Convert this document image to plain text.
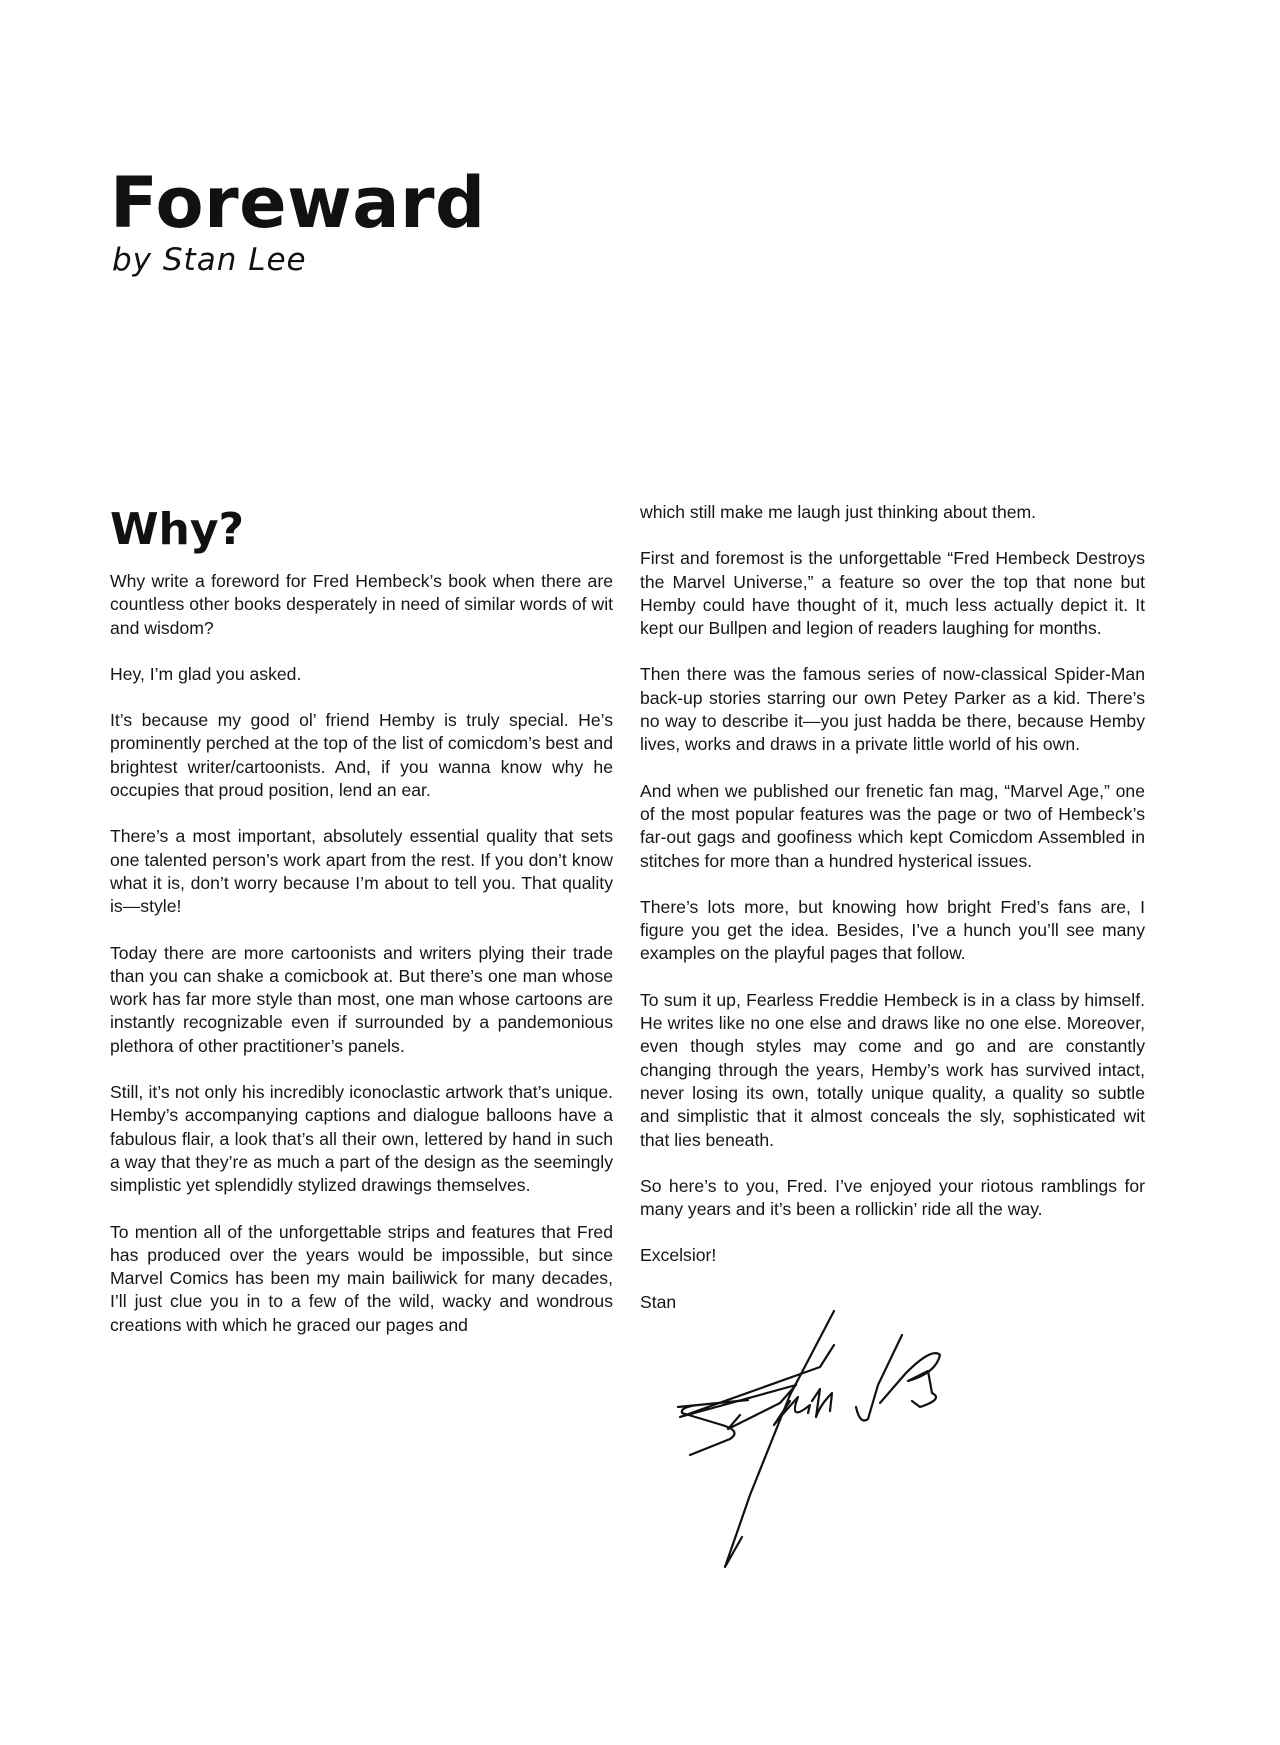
Foreward
by Stan Lee
Why?

Why write a foreword for Fred Hembeck’s book when there are countless other books desperately in need of similar words of wit and wisdom?

Hey, I’m glad you asked.

It’s because my good ol’ friend Hemby is truly special. He’s prominently perched at the top of the list of comicdom’s best and brightest writer/cartoonists. And, if you wanna know why he occupies that proud position, lend an ear.

There’s a most important, absolutely essential quality that sets one talented person’s work apart from the rest. If you don’t know what it is, don’t worry because I’m about to tell you. That quality is—style!

Today there are more cartoonists and writers plying their trade than you can shake a comicbook at. But there’s one man whose work has far more style than most, one man whose cartoons are instantly recognizable even if surrounded by a pandemonious plethora of other practitioner’s panels.

Still, it’s not only his incredibly iconoclastic artwork that’s unique. Hemby’s accompanying captions and dialogue balloons have a fabulous flair, a look that’s all their own, lettered by hand in such a way that they’re as much a part of the design as the seemingly simplistic yet splendidly stylized drawings themselves.

To mention all of the unforgettable strips and features that Fred has produced over the years would be impossible, but since Marvel Comics has been my main bailiwick for many decades, I’ll just clue you in to a few of the wild, wacky and wondrous creations with which he graced our pages and

which still make me laugh just thinking about them.

First and foremost is the unforgettable “Fred Hembeck Destroys the Marvel Universe,” a feature so over the top that none but Hemby could have thought of it, much less actually depict it. It kept our Bullpen and legion of readers laughing for months.

Then there was the famous series of now-classical Spider-Man back-up stories starring our own Petey Parker as a kid. There’s no way to describe it—you just hadda be there, because Hemby lives, works and draws in a private little world of his own.

And when we published our frenetic fan mag, “Marvel Age,” one of the most popular features was the page or two of Hembeck’s far-out gags and goofiness which kept Comicdom Assembled in stitches for more than a hundred hysterical issues.

There’s lots more, but knowing how bright Fred’s fans are, I figure you get the idea. Besides, I’ve a hunch you’ll see many examples on the playful pages that follow.

To sum it up, Fearless Freddie Hembeck is in a class by himself. He writes like no one else and draws like no one else. Moreover, even though styles may come and go and are constantly changing through the years, Hemby’s work has survived intact, never losing its own, totally unique quality, a quality so subtle and simplistic that it almost conceals the sly, sophisticated wit that lies beneath.

So here’s to you, Fred. I’ve enjoyed your riotous ramblings for many years and it’s been a rollickin’ ride all the way.

Excelsior!

Stan
